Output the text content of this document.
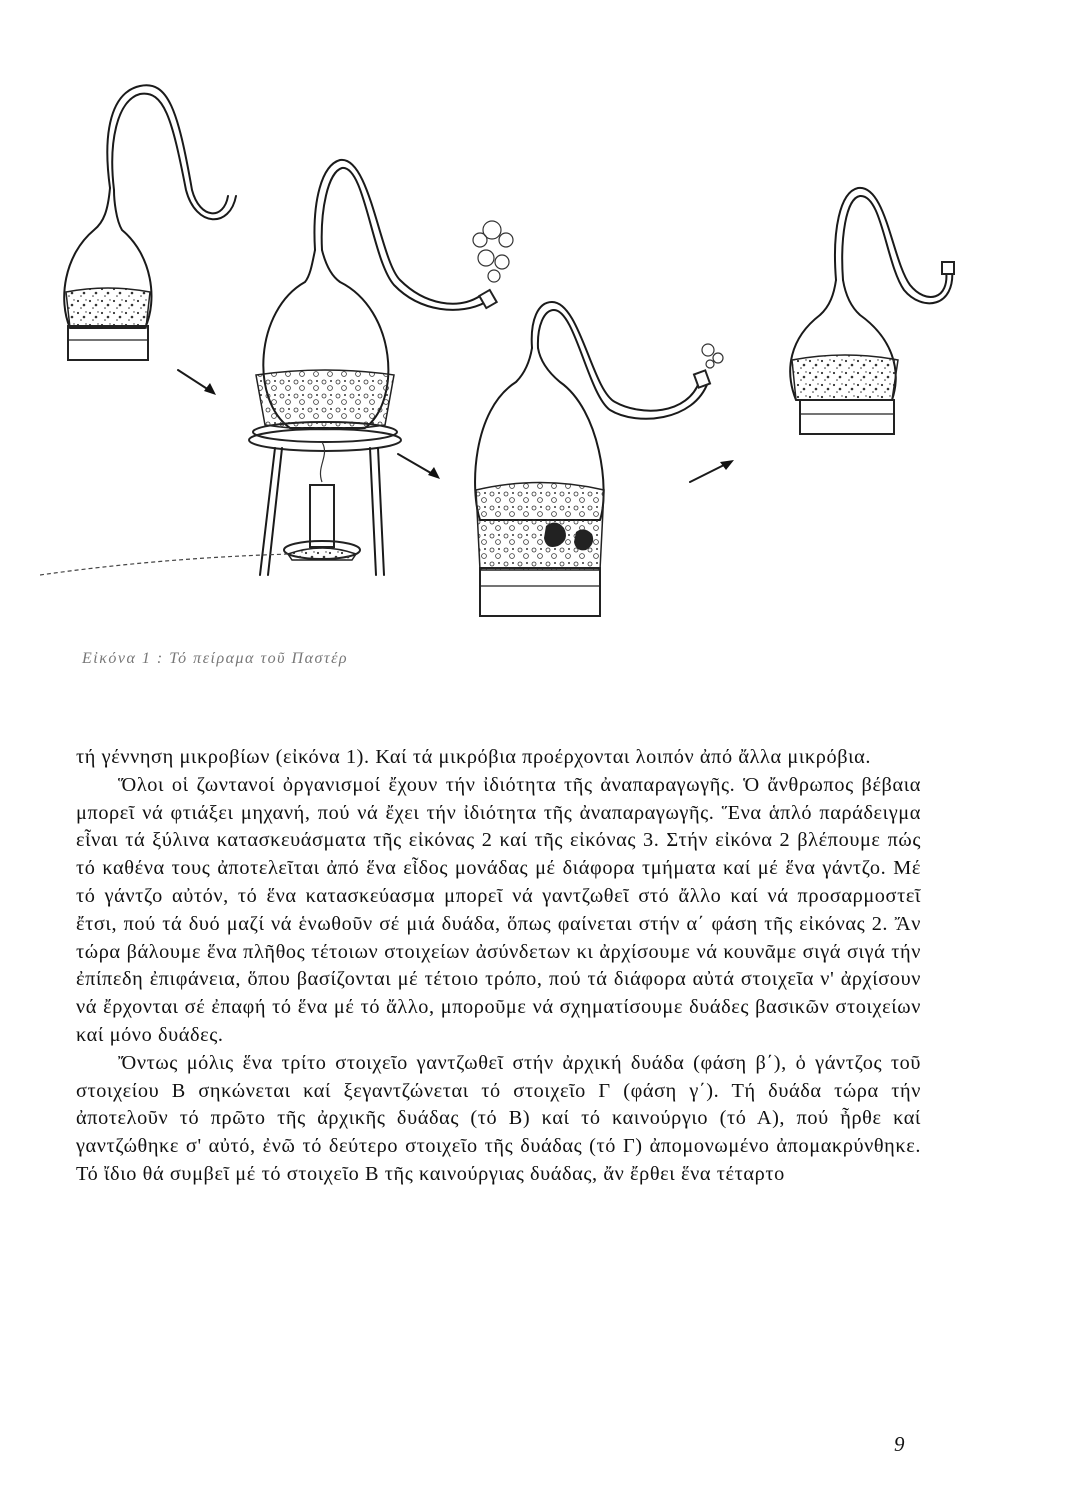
Εἰκόνα 1 : Τό πείραμα τοῦ Παστέρ

τή γέννηση μικροβίων (εἰκόνα 1). Καί τά μικρόβια προέρχονται λοιπόν ἀπό ἄλλα μικρόβια.

Ὅλοι οἱ ζωντανοί ὀργανισμοί ἔχουν τήν ἰδιότητα τῆς ἀναπαραγωγῆς. Ὁ ἄνθρωπος βέβαια μπορεῖ νά φτιάξει μηχανή, πού νά ἔχει τήν ἰδιότητα τῆς ἀναπαραγωγῆς. Ἕνα ἁπλό παράδειγμα εἶναι τά ξύλινα κατασκευάσματα τῆς εἰκόνας 2 καί τῆς εἰκόνας 3. Στήν εἰκόνα 2 βλέπουμε πώς τό καθένα τους ἀποτελεῖται ἀπό ἕνα εἶδος μονάδας μέ διάφορα τμήματα καί μέ ἕνα γάντζο. Μέ τό γάντζο αὐτόν, τό ἕνα κατασκεύασμα μπορεῖ νά γαντζωθεῖ στό ἄλλο καί νά προσαρμοστεῖ ἔτσι, πού τά δυό μαζί νά ἑνωθοῦν σέ μιά δυάδα, ὅπως φαίνεται στήν α΄ φάση τῆς εἰκόνας 2. Ἄν τώρα βάλουμε ἕνα πλῆθος τέτοιων στοιχείων ἀσύνδετων κι ἀρχίσουμε νά κουνᾶμε σιγά σιγά τήν ἐπίπεδη ἐπιφάνεια, ὅπου βασίζονται μέ τέτοιο τρόπο, πού τά διάφορα αὐτά στοιχεῖα ν' ἀρχίσουν νά ἔρχονται σέ ἐπαφή τό ἕνα μέ τό ἄλλο, μποροῦμε νά σχηματίσουμε δυάδες βασικῶν στοιχείων καί μόνο δυάδες.

Ὄντως μόλις ἕνα τρίτο στοιχεῖο γαντζωθεῖ στήν ἀρχική δυάδα (φάση β΄), ὁ γάντζος τοῦ στοιχείου Β σηκώνεται καί ξεγαντζώνεται τό στοιχεῖο Γ (φάση γ΄). Τή δυάδα τώρα τήν ἀποτελοῦν τό πρῶτο τῆς ἀρχικῆς δυάδας (τό Β) καί τό καινούργιο (τό Α), πού ἦρθε καί γαντζώθηκε σ' αὐτό, ἐνῶ τό δεύτερο στοιχεῖο τῆς δυάδας (τό Γ) ἀπομονωμένο ἀπομακρύνθηκε. Τό ἴδιο θά συμβεῖ μέ τό στοιχεῖο Β τῆς καινούργιας δυάδας, ἄν ἔρθει ἕνα τέταρτο

9
